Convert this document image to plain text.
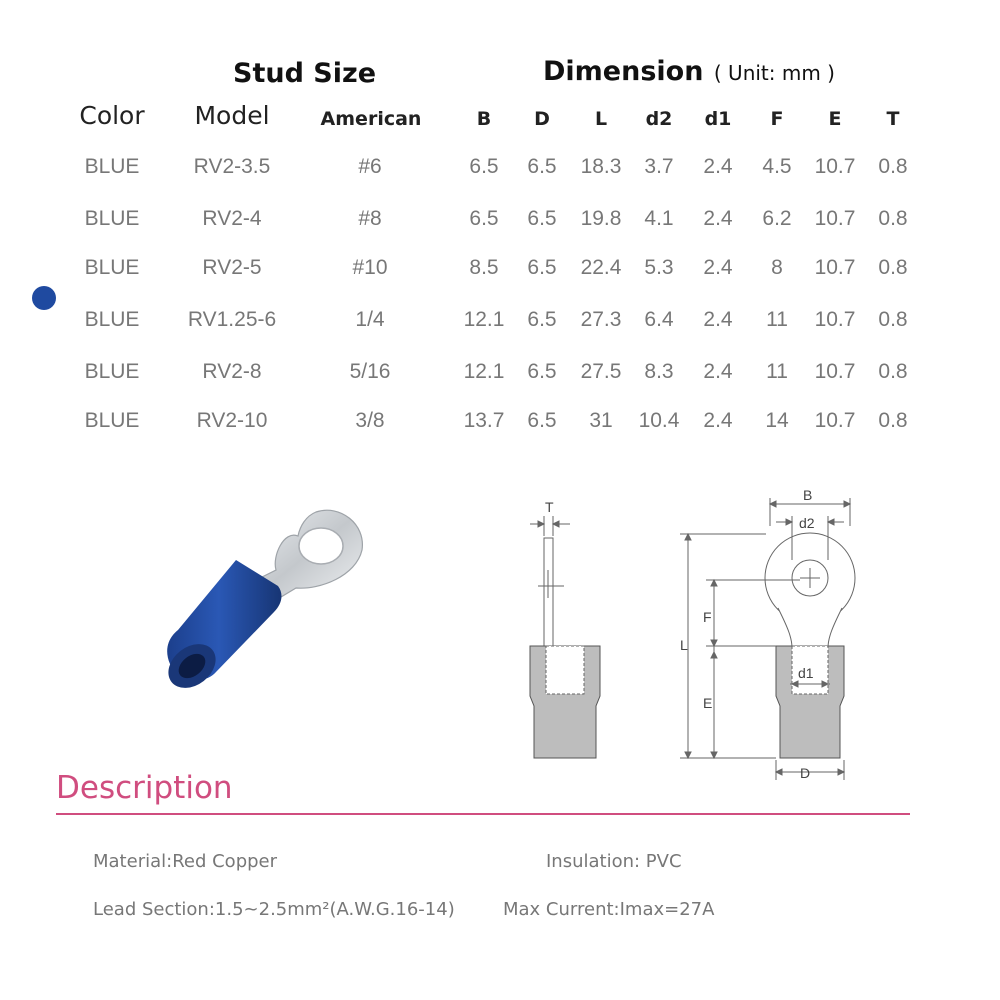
Stud Size	Dimension ( Unit: mm )
Color Model	American	B D L d2 d1 F E T
BLUE	RV2-3.5	#6	6.5 6.5 18.3 3.7 2.4 4.5 10.7 0.8
BLUE	RV2-4	#8	6.5 6.5 19.8 4.1 2.4 6.2 10.7 0.8
BLUE	RV2-5	#10	8.5 6.5 22.4 5.3 2.4 8 10.7 0.8
BLUE RV1.25-6	1/4	12.1 6.5 27.3 6.4 2.4 11 10.7 0.8
BLUE	RV2-8	5/16	12.1 6.5 27.5 8.3 2.4 11 10.7 0.8
BLUE	RV2-10	3/8	13.7 6.5 31 10.4 2.4 14 10.7 0.8
T
B
d2
F
L
d1
E
D
Description
Material:Red Copper	Insulation: PVC
Lead Section:1.5~2.5mm²(A.W.G.16-14)	Max Current:Imax=27A
